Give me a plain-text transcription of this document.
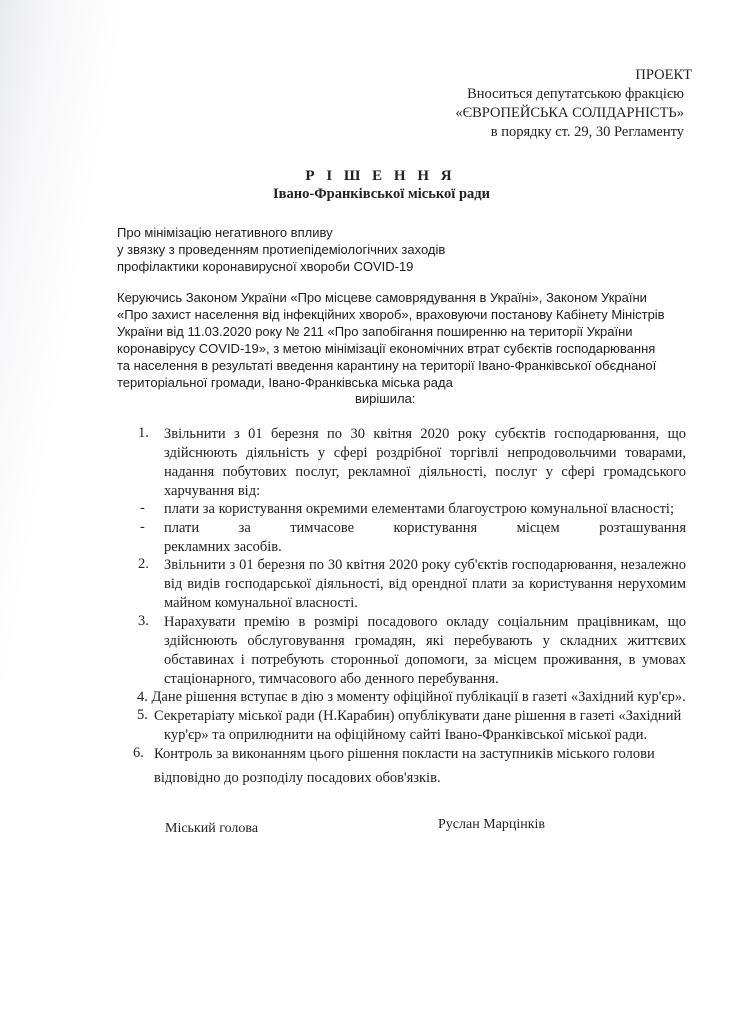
ПРОЕКТ
Вноситься депутатською фракцією
«ЄВРОПЕЙСЬКА СОЛІДАРНІСТЬ»
в порядку ст. 29, 30 Регламенту
Р І Ш Е Н Н Я
Івано-Франківської міської ради
Про мінімізацію негативного впливу
у звязку з проведенням протиепідеміологічних заходів
профілактики коронавирусної хвороби COVID-19
Керуючись Законом України «Про місцеве самоврядування в Україні», Законом України
«Про захист населення від інфекційних хвороб», враховуючи постанову Кабінету Міністрів
України від 11.03.2020 року № 211 «Про запобігання поширенню на території України
коронавірусу COVID-19», з метою мінімізації економічних втрат субєктів господарювання
та населення в результаті введення карантину на території Івано-Франківської обєднаної
територіальної громади, Івано-Франківська міська рада
вирішила:
1. Звільнити з 01 березня по 30 квітня 2020 року субєктів господарювання, що
здійснюють діяльність у сфері роздрібної торгівлі непродовольчими товарами,
надання побутових послуг, рекламної діяльності, послуг у сфері громадського
харчування від:
- плати за користування окремими елементами благоустрою комунальної власності;
- плати	за	тимчасове	користування	місцем	розташування
рекламних засобів.
2. Звільнити з 01 березня по 30 квітня 2020 року суб'єктів господарювання, незалежно
від видів господарської діяльності, від орендної плати за користування нерухомим
майном комунальної власності.
3. Нарахувати премію в розмірі посадового окладу соціальним працівникам, що
здійснюють обслуговування громадян, які перебувають у складних життєвих
обставинах і потребують сторонньої допомоги, за місцем проживання, в умовах
стаціонарного, тимчасового або денного перебування.
4. Дане рішення вступає в дію з моменту офіційної публікації в газеті «Західний кур'єр».
5. Секретаріату міської ради (Н.Карабин) опублікувати дане рішення в газеті «Західний
кур'єр» та оприлюднити на офіційному сайті Івано-Франківської міської ради.
6. Контроль за виконанням цього рішення покласти на заступників міського голови
відповідно до розподілу посадових обов'язків.
Міський голова	Руслан Марцінків
